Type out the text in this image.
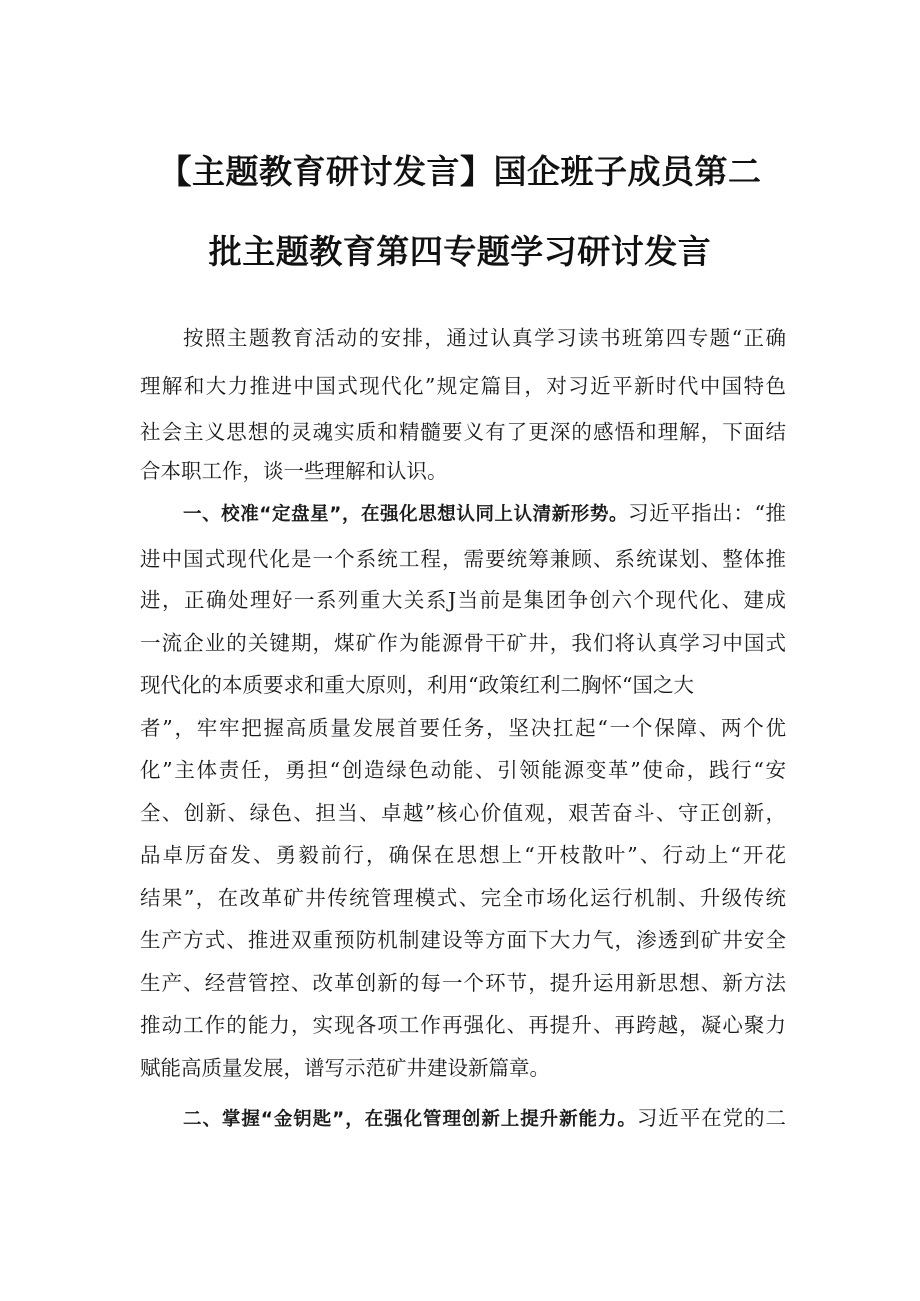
【主题教育研讨发言】国企班子成员第二
批主题教育第四专题学习研讨发言
按照主题教育活动的安排，通过认真学习读书班第四专题“正确
理解和大力推进中国式现代化”规定篇目，对习近平新时代中国特色
社会主义思想的灵魂实质和精髓要义有了更深的感悟和理解，下面结
合本职工作，谈一些理解和认识。
一、校准“定盘星”，在强化思想认同上认清新形势。习近平指出：“推
进中国式现代化是一个系统工程，需要统筹兼顾、系统谋划、整体推
进，正确处理好一系列重大关系J当前是集团争创六个现代化、建成
一流企业的关键期，煤矿作为能源骨干矿井，我们将认真学习中国式
现代化的本质要求和重大原则，利用“政策红利二胸怀“国之大
者”，牢牢把握高质量发展首要任务，坚决扛起“一个保障、两个优
化”主体责任，勇担“创造绿色动能、引领能源变革”使命，践行“安
全、创新、绿色、担当、卓越”核心价值观，艰苦奋斗、守正创新，
品卓厉奋发、勇毅前行，确保在思想上“开枝散叶”、行动上“开花
结果”，在改革矿井传统管理模式、完全市场化运行机制、升级传统
生产方式、推进双重预防机制建设等方面下大力气，渗透到矿井安全
生产、经营管控、改革创新的每一个环节，提升运用新思想、新方法
推动工作的能力，实现各项工作再强化、再提升、再跨越，凝心聚力
赋能高质量发展，谱写示范矿井建设新篇章。
二、掌握“金钥匙”，在强化管理创新上提升新能力。习近平在党的二
